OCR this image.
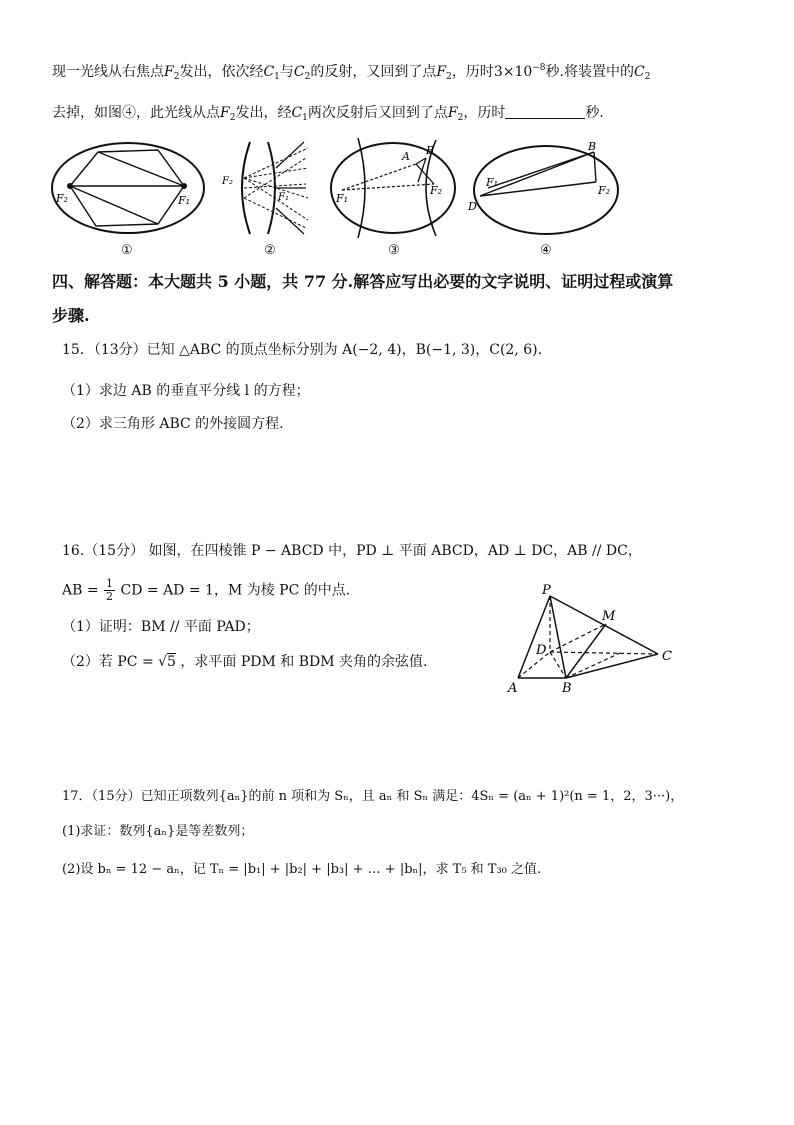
现一光线从右焦点$F_2$发出，依次经$C_1$与$C_2$的反射，又回到了点$F_2$，历时$3\times 10^{-8}$秒.将装置中的$C_2$
去掉，如图④，此光线从点$F_2$发出，经$C_1$两次反射后又回到了点$F_2$，历时	秒.
F₂	F₁
①
F₂
F₁
②
A B
F₁
F₂
③
B
F₁
F₂
D
④
四、解答题：本大题共 5 小题，共 77 分.解答应写出必要的文字说明、证明过程或演算
步骤.
15．（13分）已知 △ABC 的顶点坐标分别为 A(−2, 4)，B(−1, 3)，C(2, 6).
（1）求边 AB 的垂直平分线 l 的方程；
（2）求三角形 ABC 的外接圆方程.
16.（15分） 如图，在四棱锥 P − ABCD 中，PD ⊥ 平面 ABCD，AD ⊥ DC，AB // DC，
AB = $\frac{1}{2}$ CD = AD = 1，M 为棱 PC 的中点.
（1）证明：BM // 平面 PAD；
（2）若 PC = √5 ，求平面 PDM 和 BDM 夹角的余弦值.
P
M
D	C
A	B
17．（15分）已知正项数列{aₙ}的前 n 项和为 Sₙ，且 aₙ 和 Sₙ 满足：4Sₙ = (aₙ + 1)²(n = 1，2，3···)，
(1)求证：数列{aₙ}是等差数列；
(2)设 bₙ = 12 − aₙ，记 Tₙ = |b₁| + |b₂| + |b₃| + … + |bₙ|，求 T₅ 和 T₃₀ 之值.
